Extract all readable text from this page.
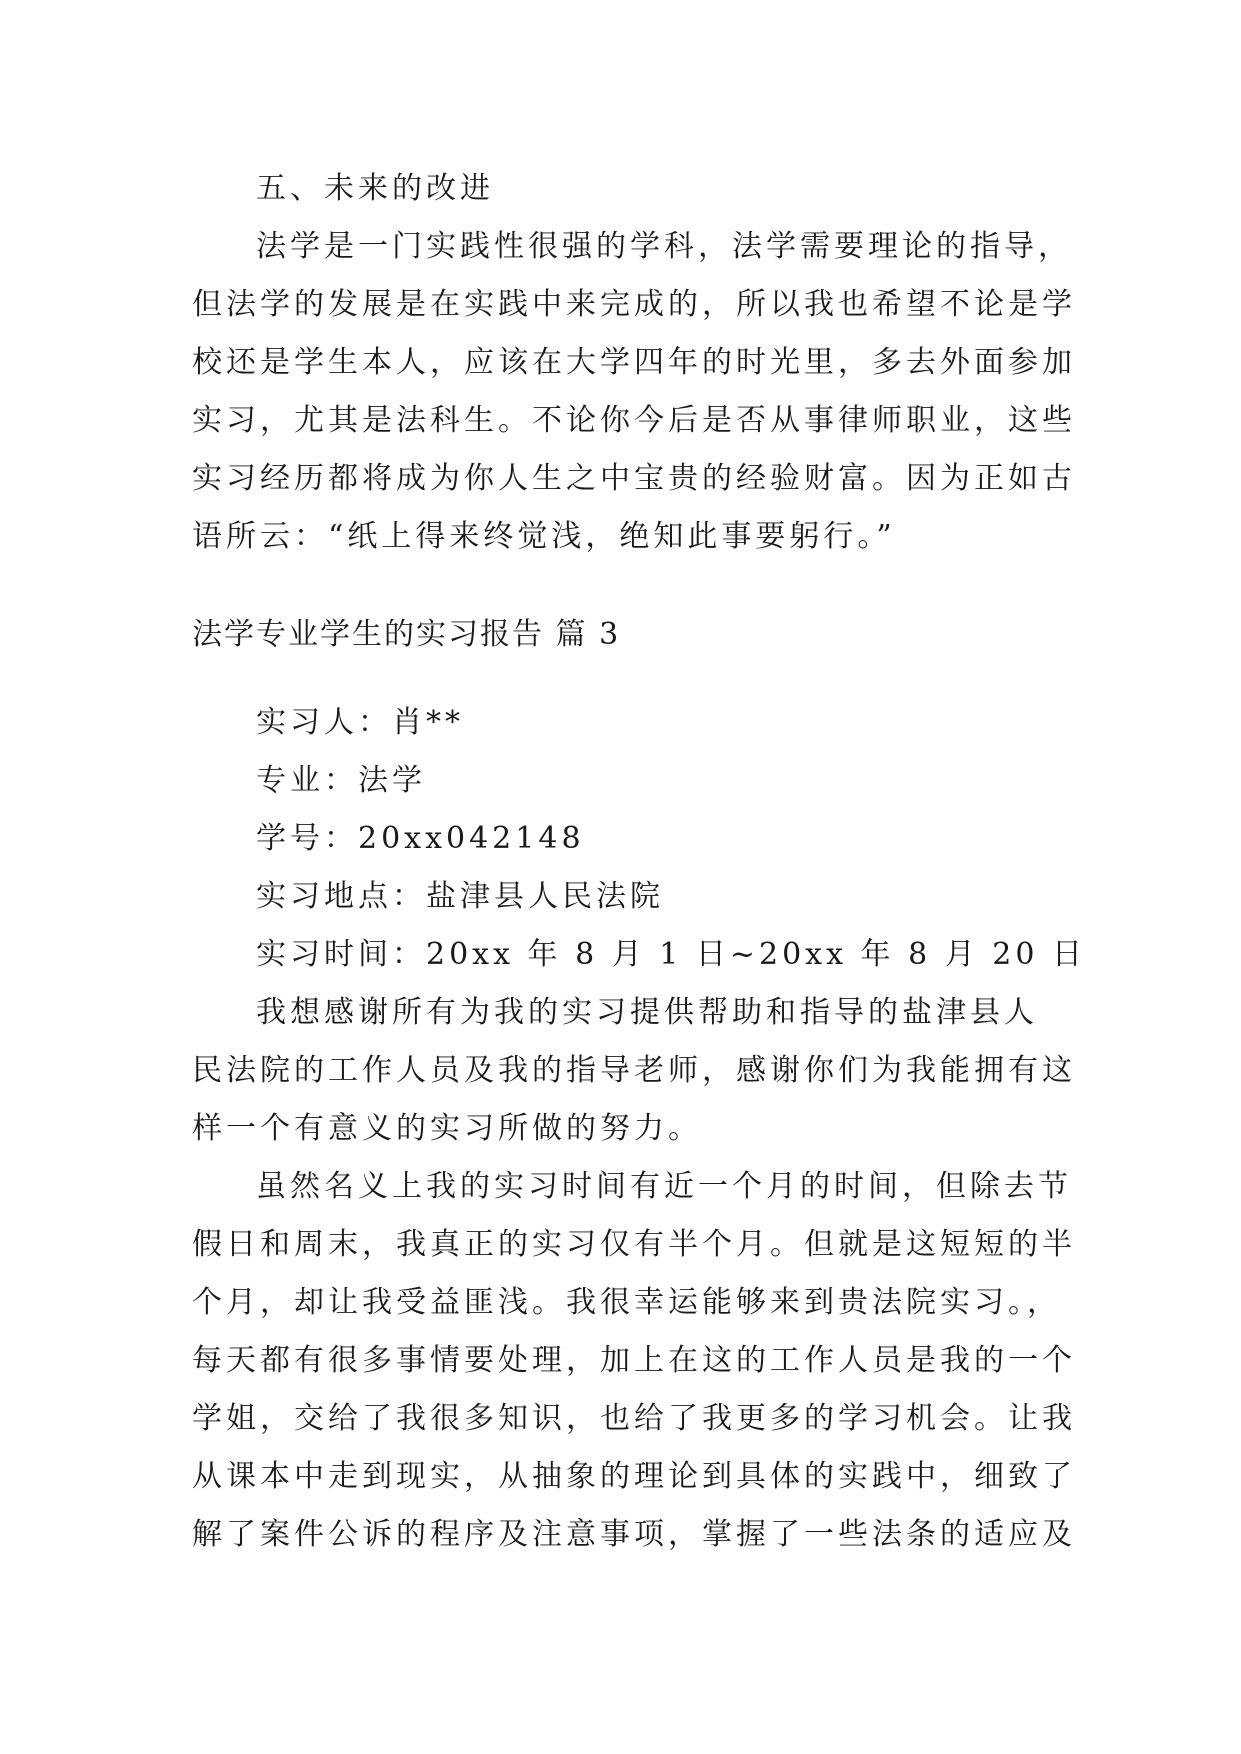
五、未来的改进

法学是一门实践性很强的学科，法学需要理论的指导，

但法学的发展是在实践中来完成的，所以我也希望不论是学

校还是学生本人，应该在大学四年的时光里，多去外面参加

实习，尤其是法科生。不论你今后是否从事律师职业，这些

实习经历都将成为你人生之中宝贵的经验财富。因为正如古

语所云：“纸上得来终觉浅，绝知此事要躬行。”

法学专业学生的实习报告 篇 3

实习人：肖**

专业：法学

学号：20xx042148

实习地点：盐津县人民法院

实习时间：20xx 年 8 月 1 日~20xx 年 8 月 20 日

我想感谢所有为我的实习提供帮助和指导的盐津县人

民法院的工作人员及我的指导老师，感谢你们为我能拥有这

样一个有意义的实习所做的努力。

虽然名义上我的实习时间有近一个月的时间，但除去节

假日和周末，我真正的实习仅有半个月。但就是这短短的半

个月，却让我受益匪浅。我很幸运能够来到贵法院实习。，

每天都有很多事情要处理，加上在这的工作人员是我的一个

学姐，交给了我很多知识，也给了我更多的学习机会。让我

从课本中走到现实，从抽象的理论到具体的实践中，细致了

解了案件公诉的程序及注意事项，掌握了一些法条的适应及
